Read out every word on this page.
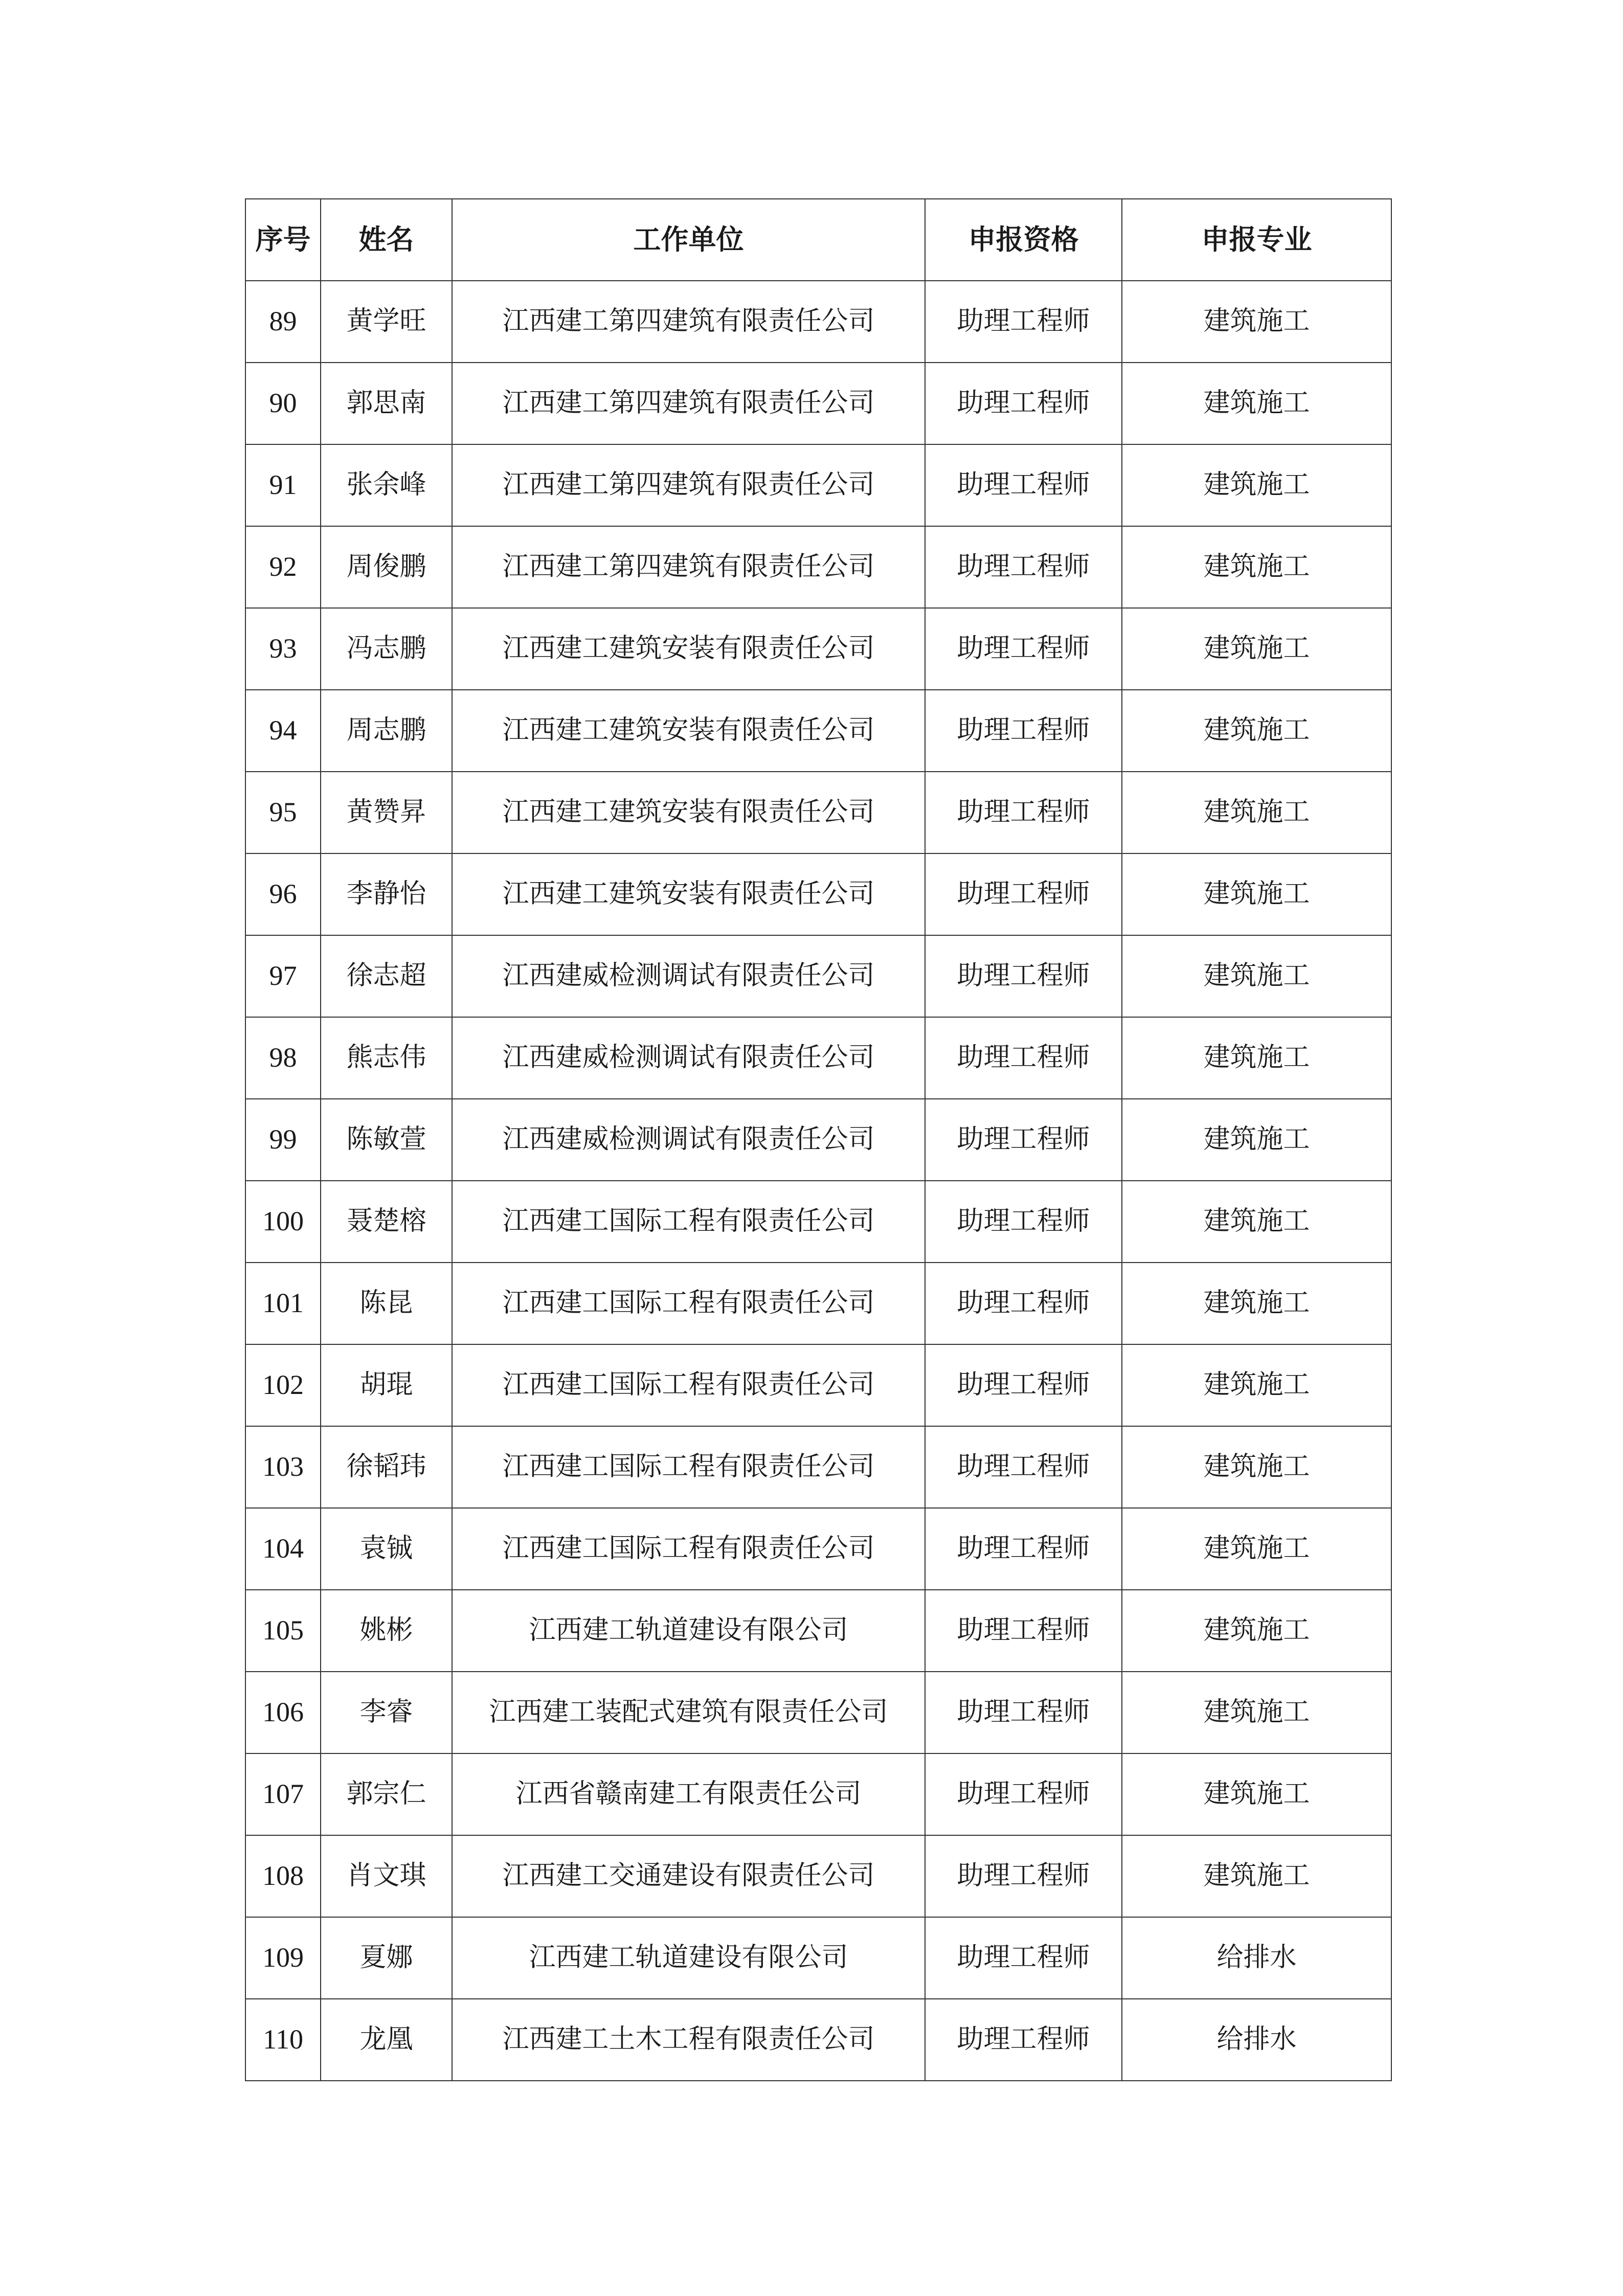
序号	姓名	工作单位	申报资格	申报专业
89	黄学旺	江西建工第四建筑有限责任公司	助理工程师	建筑施工
90	郭思南	江西建工第四建筑有限责任公司	助理工程师	建筑施工
91	张余峰	江西建工第四建筑有限责任公司	助理工程师	建筑施工
92	周俊鹏	江西建工第四建筑有限责任公司	助理工程师	建筑施工
93	冯志鹏	江西建工建筑安装有限责任公司	助理工程师	建筑施工
94	周志鹏	江西建工建筑安装有限责任公司	助理工程师	建筑施工
95	黄赞昇	江西建工建筑安装有限责任公司	助理工程师	建筑施工
96	李静怡	江西建工建筑安装有限责任公司	助理工程师	建筑施工
97	徐志超	江西建威检测调试有限责任公司	助理工程师	建筑施工
98	熊志伟	江西建威检测调试有限责任公司	助理工程师	建筑施工
99	陈敏萱	江西建威检测调试有限责任公司	助理工程师	建筑施工
100	聂楚榕	江西建工国际工程有限责任公司	助理工程师	建筑施工
101	陈昆	江西建工国际工程有限责任公司	助理工程师	建筑施工
102	胡琨	江西建工国际工程有限责任公司	助理工程师	建筑施工
103	徐韬玮	江西建工国际工程有限责任公司	助理工程师	建筑施工
104	袁铖	江西建工国际工程有限责任公司	助理工程师	建筑施工
105	姚彬	江西建工轨道建设有限公司	助理工程师	建筑施工
106	李睿	江西建工装配式建筑有限责任公司	助理工程师	建筑施工
107	郭宗仁	江西省赣南建工有限责任公司	助理工程师	建筑施工
108	肖文琪	江西建工交通建设有限责任公司	助理工程师	建筑施工
109	夏娜	江西建工轨道建设有限公司	助理工程师	给排水
110	龙凰	江西建工土木工程有限责任公司	助理工程师	给排水
